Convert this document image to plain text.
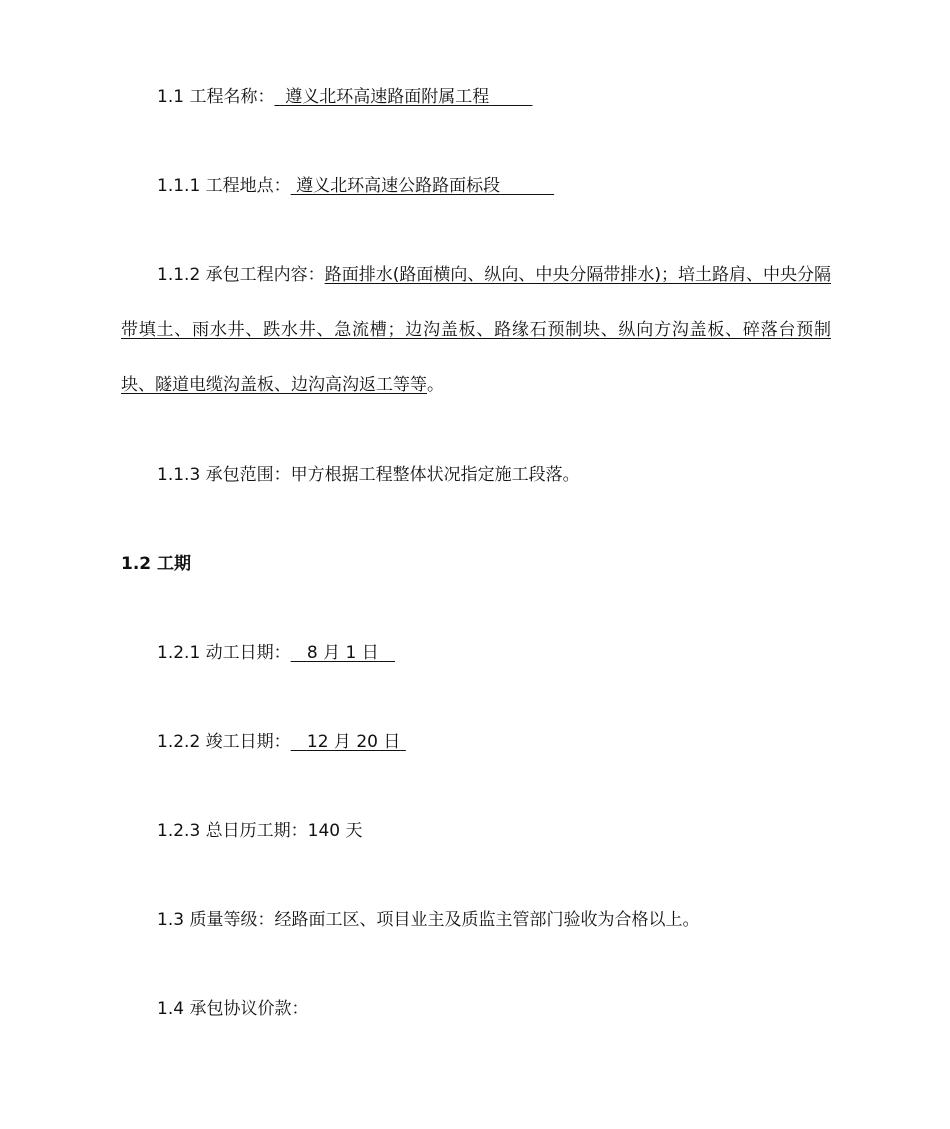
1.1 工程名称： 遵义北环高速路面附属工程
1.1.1 工程地点： 遵义北环高速公路路面标段
1.1.2 承包工程内容：路面排水(路面横向、纵向、中央分隔带排水)；培土路肩、中央分隔带填土、雨水井、跌水井、急流槽；边沟盖板、路缘石预制块、纵向方沟盖板、碎落台预制块、隧道电缆沟盖板、边沟高沟返工等等。
1.1.3 承包范围：甲方根据工程整体状况指定施工段落。
1.2 工期
1.2.1 动工日期： 8 月 1 日
1.2.2 竣工日期： 12 月 20 日
1.2.3 总日历工期：140 天
1.3 质量等级：经路面工区、项目业主及质监主管部门验收为合格以上。
1.4 承包协议价款：
